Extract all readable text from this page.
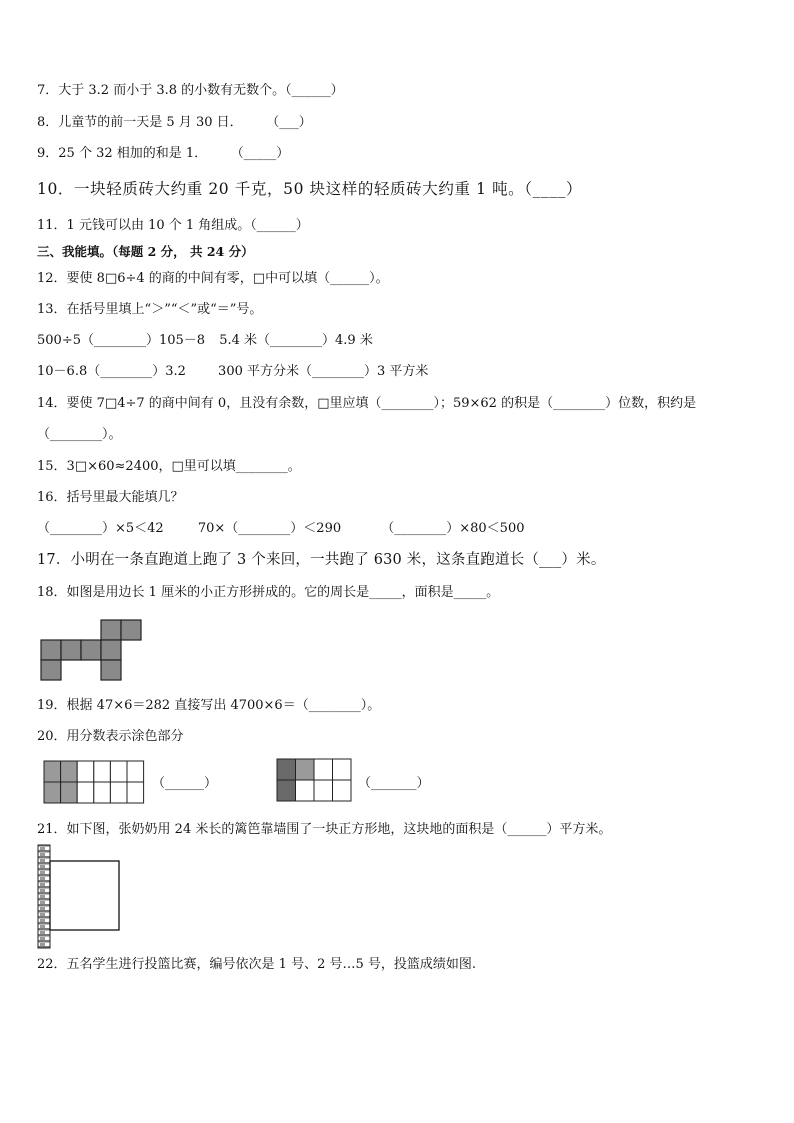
7．大于 3.2 而小于 3.8 的小数有无数个。（______）
8．儿童节的前一天是 5 月 30 日．　　 （___）
9．25 个 32 相加的和是 1．　　 （_____）
10．一块轻质砖大约重 20 千克，50 块这样的轻质砖大约重 1 吨。（____）
11．1 元钱可以由 10 个 1 角组成。（______）
三、我能填。（每题 2 分， 共 24 分）
12．要使 8□6÷4 的商的中间有零，□中可以填（______）。
13．在括号里填上“＞”“＜”或“＝”号。
500÷5（________）105－8 5.4 米（________）4.9 米
10－6.8（________）3.2 300 平方分米（________）3 平方米
14．要使 7□4÷7 的商中间有 0，且没有余数，□里应填（________）；59×62 的积是（________）位数，积约是
（________）。
15．3□×60≈2400，□里可以填________。
16．括号里最大能填几？
（________）×5＜42	70×（________）＜290	（________）×80＜500
17．小明在一条直跑道上跑了 3 个来回，一共跑了 630 米，这条直跑道长（___）米。
18．如图是用边长 1 厘米的小正方形拼成的。它的周长是_____，面积是_____。
19．根据 47×6＝282 直接写出 4700×6＝（________）。
20．用分数表示涂色部分
（______）	（_______）
21．如下图，张奶奶用 24 米长的篱笆靠墙围了一块正方形地，这块地的面积是（______）平方米。
22．五名学生进行投篮比赛，编号依次是 1 号、2 号…5 号，投篮成绩如图.
